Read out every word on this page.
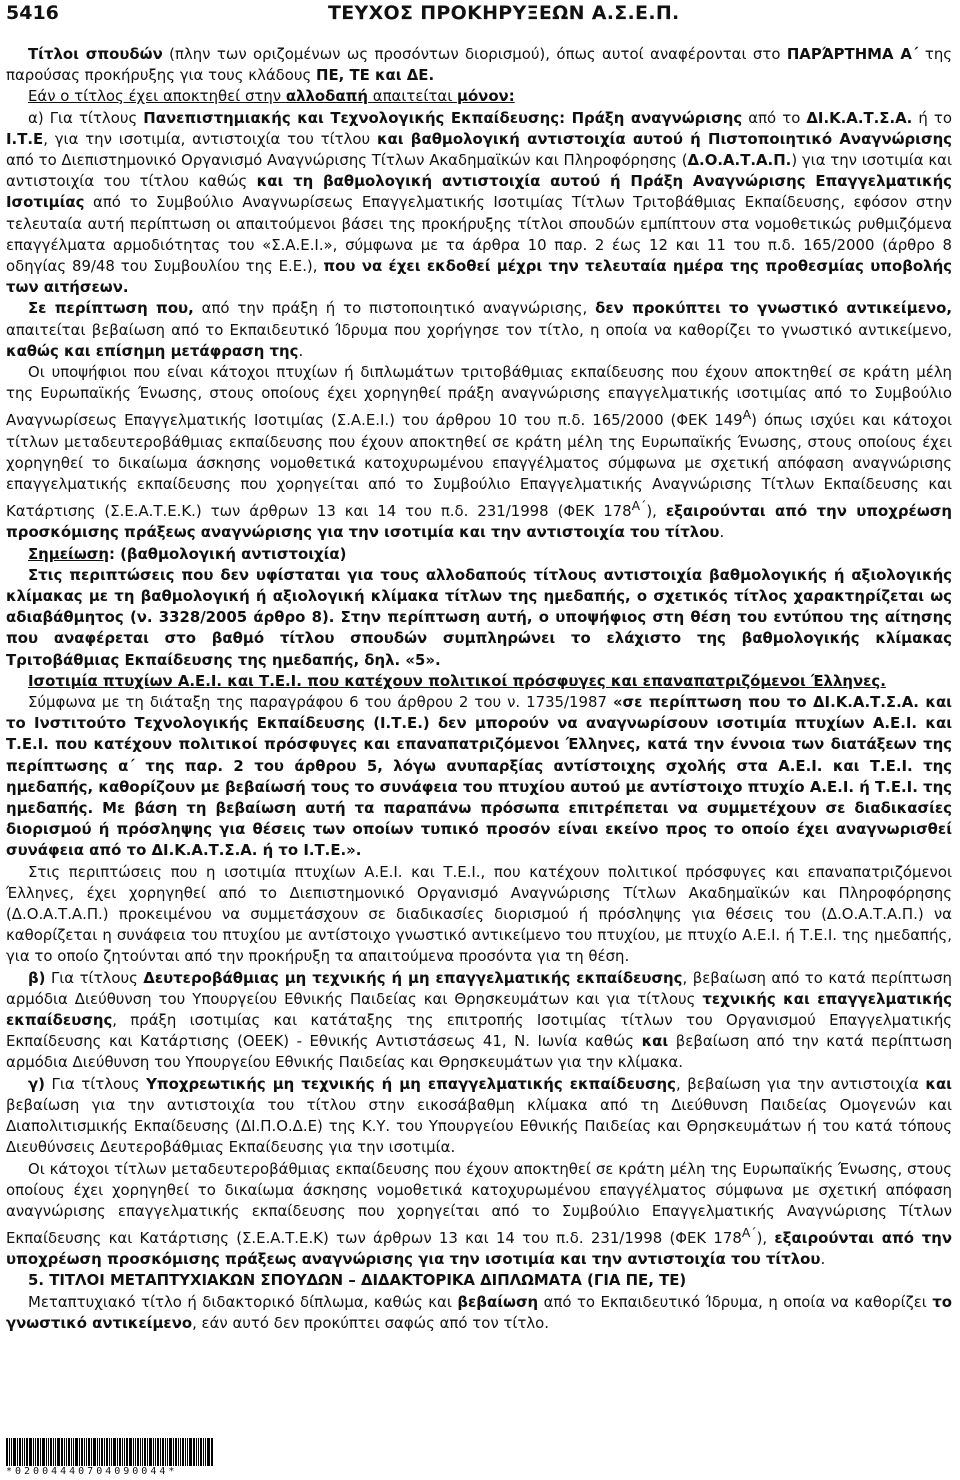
5416	ΤΕΥΧΟΣ ΠΡΟΚΗΡΥΞΕΩΝ Α.Σ.Ε.Π.

Τίτλοι σπουδών (πλην των οριζομένων ως προσόντων διορισμού), όπως αυτοί αναφέρονται στο ΠΑΡΆΡΤΗΜΑ Α΄ της παρούσας προκήρυξης για τους κλάδους ΠΕ, ΤΕ και ΔΕ.

Εάν ο τίτλος έχει αποκτηθεί στην αλλοδαπή απαιτείται μόνον:

α) Για τίτλους Πανεπιστημιακής και Τεχνολογικής Εκπαίδευσης: Πράξη αναγνώρισης από το ΔΙ.Κ.Α.Τ.Σ.Α. ή το Ι.Τ.Ε, για την ισοτιμία, αντιστοιχία του τίτλου και βαθμολογική αντιστοιχία αυτού ή Πιστοποιητικό Αναγνώρισης από το Διεπιστημονικό Οργανισμό Αναγνώρισης Τίτλων Ακαδημαϊκών και Πληροφόρησης (Δ.Ο.Α.Τ.Α.Π.) για την ισοτιμία και αντιστοιχία του τίτλου καθώς και τη βαθμολογική αντιστοιχία αυτού ή Πράξη Αναγνώρισης Επαγγελματικής Ισοτιμίας από το Συμβούλιο Αναγνωρίσεως Επαγγελματικής Ισοτιμίας Τίτλων Τριτοβάθμιας Εκπαίδευσης, εφόσον στην τελευταία αυτή περίπτωση οι απαιτούμενοι βάσει της προκήρυξης τίτλοι σπουδών εμπίπτουν στα νομοθετικώς ρυθμιζόμενα επαγγέλματα αρμοδιότητας του «Σ.Α.Ε.Ι.», σύμφωνα με τα άρθρα 10 παρ. 2 έως 12 και 11 του π.δ. 165/2000 (άρθρο 8 οδηγίας 89/48 του Συμβουλίου της Ε.Ε.), που να έχει εκδοθεί μέχρι την τελευταία ημέρα της προθεσμίας υποβολής των αιτήσεων.

Σε περίπτωση που, από την πράξη ή το πιστοποιητικό αναγνώρισης, δεν προκύπτει το γνωστικό αντικείμενο, απαιτείται βεβαίωση από το Εκπαιδευτικό Ίδρυμα που χορήγησε τον τίτλο, η οποία να καθορίζει το γνωστικό αντικείμενο, καθώς και επίσημη μετάφραση της.

Οι υποψήφιοι που είναι κάτοχοι πτυχίων ή διπλωμάτων τριτοβάθμιας εκπαίδευσης που έχουν αποκτηθεί σε κράτη μέλη της Ευρωπαϊκής Ένωσης, στους οποίους έχει χορηγηθεί πράξη αναγνώρισης επαγγελματικής ισοτιμίας από το Συμβούλιο Αναγνωρίσεως Επαγγελματικής Ισοτιμίας (Σ.Α.Ε.Ι.) του άρθρου 10 του π.δ. 165/2000 (ΦΕΚ $149^A$) όπως ισχύει και κάτοχοι τίτλων μεταδευτεροβάθμιας εκπαίδευσης που έχουν αποκτηθεί σε κράτη μέλη της Ευρωπαϊκής Ένωσης, στους οποίους έχει χορηγηθεί το δικαίωμα άσκησης νομοθετικά κατοχυρωμένου επαγγέλματος σύμφωνα με σχετική απόφαση αναγνώρισης επαγγελματικής εκπαίδευσης που χορηγείται από το Συμβούλιο Επαγγελματικής Αναγνώρισης Τίτλων Εκπαίδευσης και Κατάρτισης (Σ.Ε.Α.Τ.Ε.Κ.) των άρθρων 13 και 14 του π.δ. 231/1998 (ΦΕΚ $178^{A΄}$), εξαιρούνται από την υποχρέωση προσκόμισης πράξεως αναγνώρισης για την ισοτιμία και την αντιστοιχία του τίτλου.

Σημείωση: (βαθμολογική αντιστοιχία)

Στις περιπτώσεις που δεν υφίσταται για τους αλλοδαπούς τίτλους αντιστοιχία βαθμολογικής ή αξιολογικής κλίμακας με τη βαθμολογική ή αξιολογική κλίμακα τίτλων της ημεδαπής, ο σχετικός τίτλος χαρακτηρίζεται ως αδιαβάθμητος (ν. 3328/2005 άρθρο 8). Στην περίπτωση αυτή, ο υποψήφιος στη θέση του εντύπου της αίτησης που αναφέρεται στο βαθμό τίτλου σπουδών συμπληρώνει το ελάχιστο της βαθμολογικής κλίμακας Τριτοβάθμιας Εκπαίδευσης της ημεδαπής, δηλ. «5».

Ισοτιμία πτυχίων Α.Ε.Ι. και Τ.Ε.Ι. που κατέχουν πολιτικοί πρόσφυγες και επαναπατριζόμενοι Έλληνες.

Σύμφωνα με τη διάταξη της παραγράφου 6 του άρθρου 2 του ν. 1735/1987 «σε περίπτωση που το ΔΙ.Κ.Α.Τ.Σ.Α. και το Ινστιτούτο Τεχνολογικής Εκπαίδευσης (Ι.Τ.Ε.) δεν μπορούν να αναγνωρίσουν ισοτιμία πτυχίων Α.Ε.Ι. και Τ.Ε.Ι. που κατέχουν πολιτικοί πρόσφυγες και επαναπατριζόμενοι Έλληνες, κατά την έννοια των διατάξεων της περίπτωσης α΄ της παρ. 2 του άρθρου 5, λόγω ανυπαρξίας αντίστοιχης σχολής στα Α.Ε.Ι. και Τ.Ε.Ι. της ημεδαπής, καθορίζουν με βεβαίωσή τους το συνάφεια του πτυχίου αυτού με αντίστοιχο πτυχίο Α.Ε.Ι. ή Τ.Ε.Ι. της ημεδαπής. Με βάση τη βεβαίωση αυτή τα παραπάνω πρόσωπα επιτρέπεται να συμμετέχουν σε διαδικασίες διορισμού ή πρόσληψης για θέσεις των οποίων τυπικό προσόν είναι εκείνο προς το οποίο έχει αναγνωρισθεί συνάφεια από το ΔΙ.Κ.Α.Τ.Σ.Α. ή το Ι.Τ.Ε.».

Στις περιπτώσεις που η ισοτιμία πτυχίων Α.Ε.Ι. και Τ.Ε.Ι., που κατέχουν πολιτικοί πρόσφυγες και επαναπατριζόμενοι Έλληνες, έχει χορηγηθεί από το Διεπιστημονικό Οργανισμό Αναγνώρισης Τίτλων Ακαδημαϊκών και Πληροφόρησης (Δ.Ο.Α.Τ.Α.Π.) προκειμένου να συμμετάσχουν σε διαδικασίες διορισμού ή πρόσληψης για θέσεις του (Δ.Ο.Α.Τ.Α.Π.) να καθορίζεται η συνάφεια του πτυχίου με αντίστοιχο γνωστικό αντικείμενο του πτυχίου, με πτυχίο Α.Ε.Ι. ή Τ.Ε.Ι. της ημεδαπής, για το οποίο ζητούνται από την προκήρυξη τα απαιτούμενα προσόντα για τη θέση.

β) Για τίτλους Δευτεροβάθμιας μη τεχνικής ή μη επαγγελματικής εκπαίδευσης, βεβαίωση από το κατά περίπτωση αρμόδια Διεύθυνση του Υπουργείου Εθνικής Παιδείας και Θρησκευμάτων και για τίτλους τεχνικής και επαγγελματικής εκπαίδευσης, πράξη ισοτιμίας και κατάταξης της επιτροπής Ισοτιμίας τίτλων του Οργανισμού Επαγγελματικής Εκπαίδευσης και Κατάρτισης (ΟΕΕΚ) - Εθνικής Αντιστάσεως 41, Ν. Ιωνία καθώς και βεβαίωση από την κατά περίπτωση αρμόδια Διεύθυνση του Υπουργείου Εθνικής Παιδείας και Θρησκευμάτων για την κλίμακα.

γ) Για τίτλους Υποχρεωτικής μη τεχνικής ή μη επαγγελματικής εκπαίδευσης, βεβαίωση για την αντιστοιχία και βεβαίωση για την αντιστοιχία του τίτλου στην εικοσάβαθμη κλίμακα από τη Διεύθυνση Παιδείας Ομογενών και Διαπολιτισμικής Εκπαίδευσης (ΔΙ.Π.Ο.Δ.Ε) της Κ.Υ. του Υπουργείου Εθνικής Παιδείας και Θρησκευμάτων ή του κατά τόπους Διευθύνσεις Δευτεροβάθμιας Εκπαίδευσης για την ισοτιμία.

Οι κάτοχοι τίτλων μεταδευτεροβάθμιας εκπαίδευσης που έχουν αποκτηθεί σε κράτη μέλη της Ευρωπαϊκής Ένωσης, στους οποίους έχει χορηγηθεί το δικαίωμα άσκησης νομοθετικά κατοχυρωμένου επαγγέλματος σύμφωνα με σχετική απόφαση αναγνώρισης επαγγελματικής εκπαίδευσης που χορηγείται από το Συμβούλιο Επαγγελματικής Αναγνώρισης Τίτλων Εκπαίδευσης και Κατάρτισης (Σ.Ε.Α.Τ.Ε.Κ) των άρθρων 13 και 14 του π.δ. 231/1998 (ΦΕΚ $178^{A΄}$), εξαιρούνται από την υποχρέωση προσκόμισης πράξεως αναγνώρισης για την ισοτιμία και την αντιστοιχία του τίτλου.

5. ΤΙΤΛΟΙ ΜΕΤΑΠΤΥΧΙΑΚΩΝ ΣΠΟΥΔΩΝ – ΔΙΔΑΚΤΟΡΙΚΑ ΔΙΠΛΩΜΑΤΑ (ΓΙΑ ΠΕ, ΤΕ)

Μεταπτυχιακό τίτλο ή διδακτορικό δίπλωμα, καθώς και βεβαίωση από το Εκπαιδευτικό Ίδρυμα, η οποία να καθορίζει το γνωστικό αντικείμενο, εάν αυτό δεν προκύπτει σαφώς από τον τίτλο.

*02004440704090044*
